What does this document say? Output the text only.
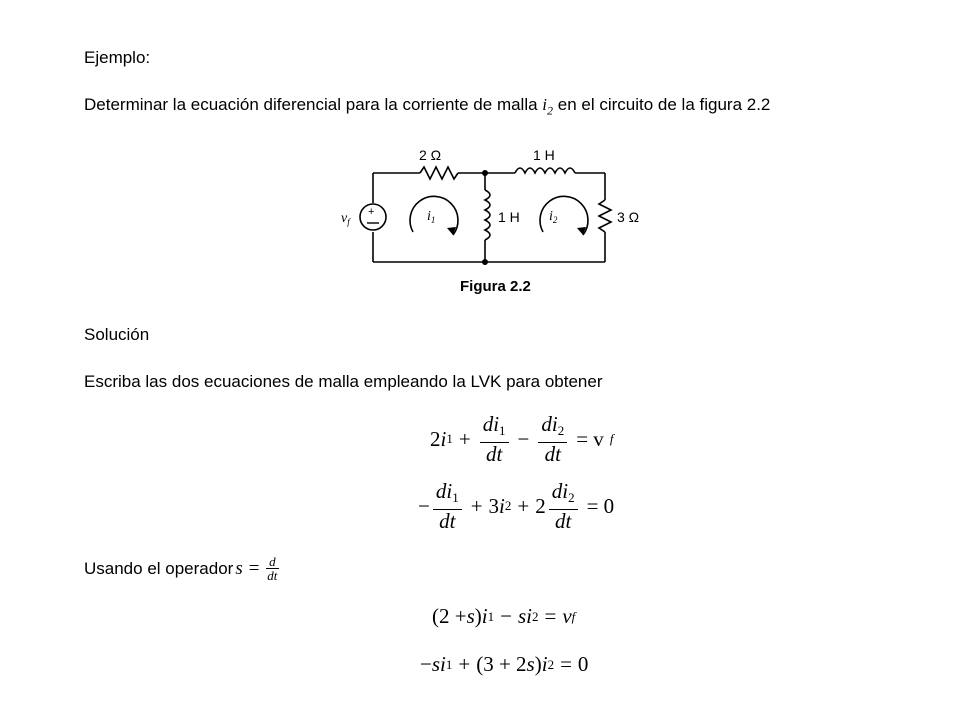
Ejemplo:
Determinar la ecuación diferencial para la corriente de malla $i_2$ en el circuito de la figura 2.2
+
2 Ω	1 H
1 H	3 Ω
$v_f$	$i_1$	$i_2$
Figura 2.2
Solución
Escriba las dos ecuaciones de malla empleando la LVK para obtener
2 i $1 + \frac{di_1}{dt} - \frac{di_2}{dt} = v$ f
− $\frac{di_1}{dt} + 3$ i $2 + 2 \frac{di_2}{dt} = 0$
Usando el operador $s = \frac{d}{dt}$
(2 + s ) i 1 − si 2 = v f
− si 1 + (3 + 2 s ) i 2 = 0
